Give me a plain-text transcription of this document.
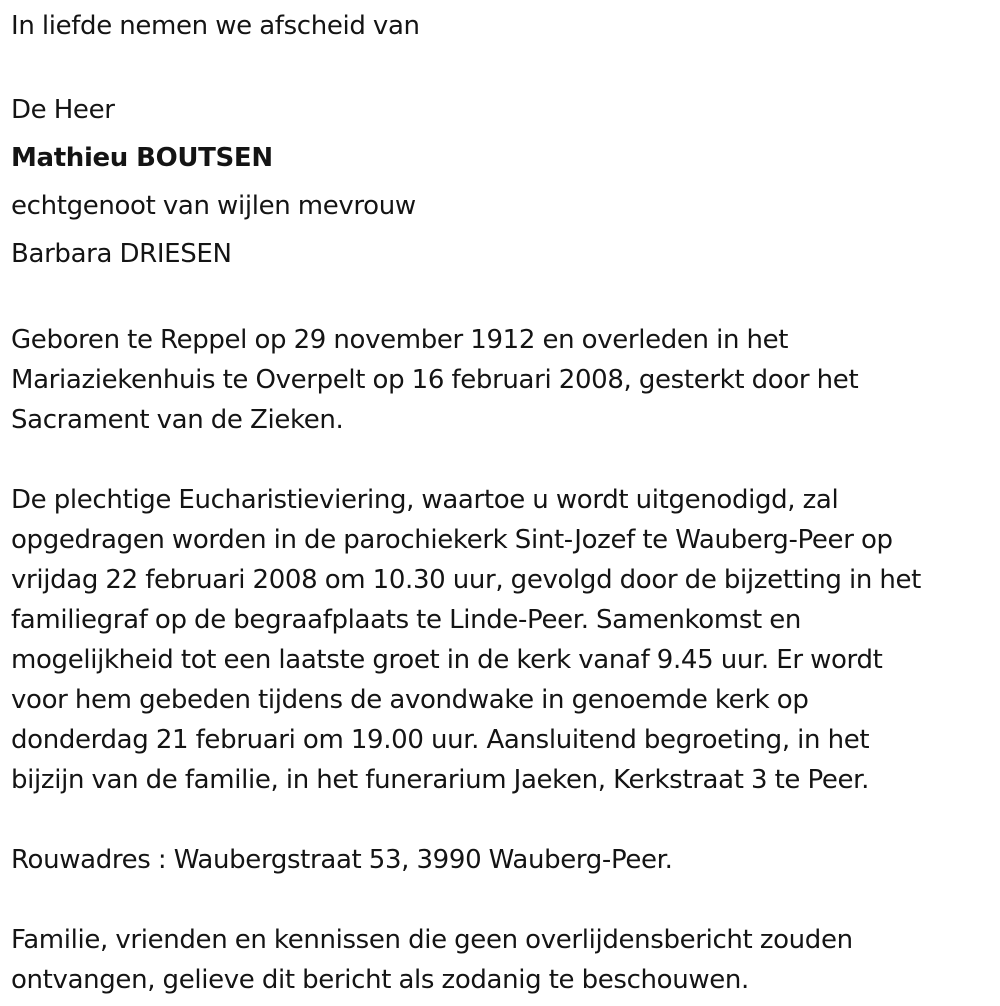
In liefde nemen we afscheid van

De Heer

Mathieu BOUTSEN

echtgenoot van wijlen mevrouw

Barbara DRIESEN

Geboren te Reppel op 29 november 1912 en overleden in het

Mariaziekenhuis te Overpelt op 16 februari 2008, gesterkt door het

Sacrament van de Zieken.

De plechtige Eucharistieviering, waartoe u wordt uitgenodigd, zal

opgedragen worden in de parochiekerk Sint-Jozef te Wauberg-Peer op

vrijdag 22 februari 2008 om 10.30 uur, gevolgd door de bijzetting in het

familiegraf op de begraafplaats te Linde-Peer. Samenkomst en

mogelijkheid tot een laatste groet in de kerk vanaf 9.45 uur. Er wordt

voor hem gebeden tijdens de avondwake in genoemde kerk op

donderdag 21 februari om 19.00 uur. Aansluitend begroeting, in het

bijzijn van de familie, in het funerarium Jaeken, Kerkstraat 3 te Peer.

Rouwadres : Waubergstraat 53, 3990 Wauberg-Peer.

Familie, vrienden en kennissen die geen overlijdensbericht zouden

ontvangen, gelieve dit bericht als zodanig te beschouwen.
